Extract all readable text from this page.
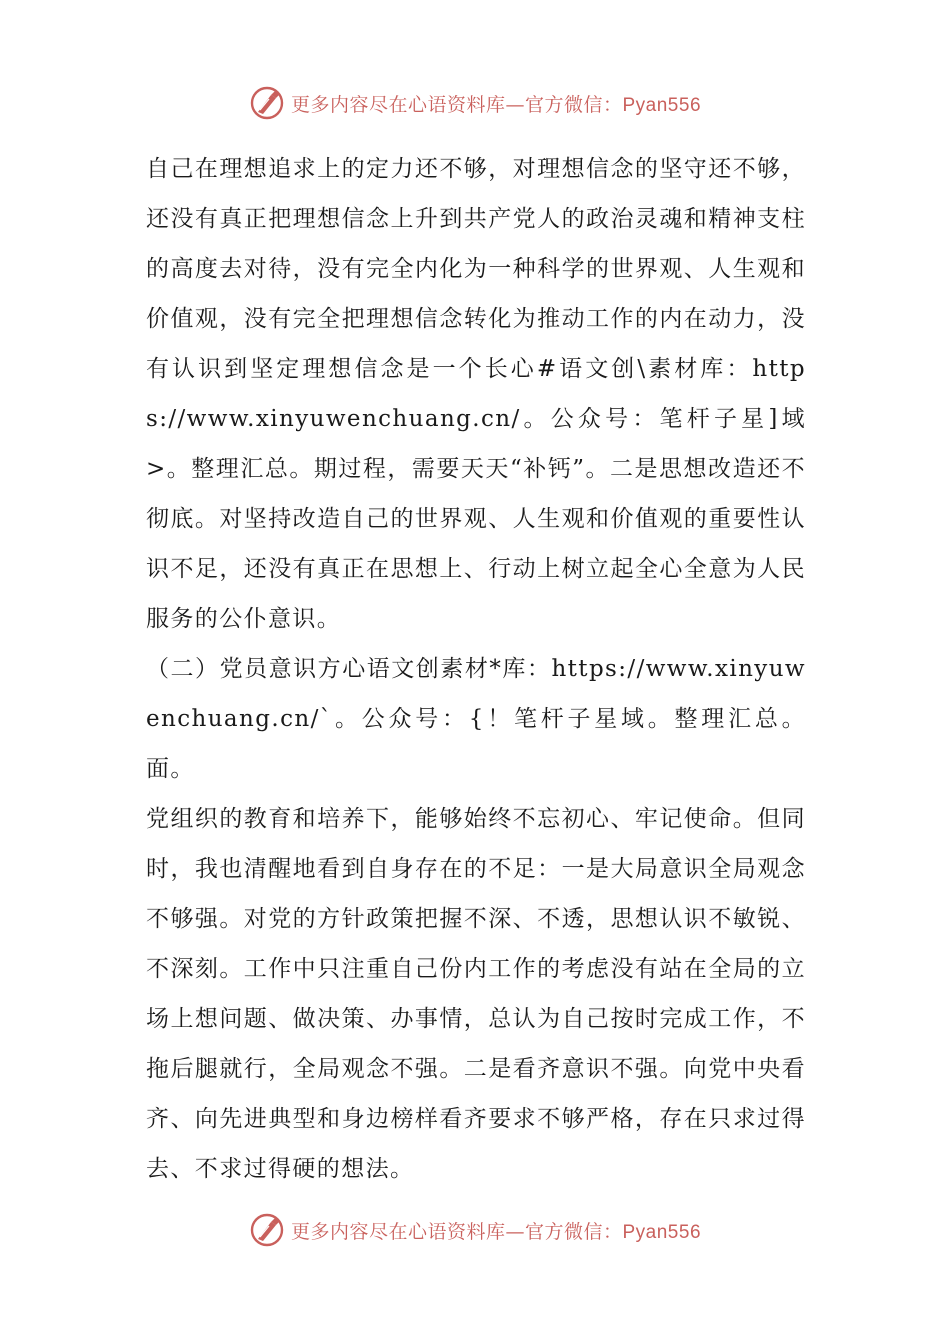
更多内容尽在心语资料库—官方微信：Pyan556

自己在理想追求上的定力还不够，对理想信念的坚守还不够，还没有真正把理想信念上升到共产党人的政治灵魂和精神支柱的高度去对待，没有完全内化为一种科学的世界观、人生观和价值观，没有完全把理想信念转化为推动工作的内在动力，没有认识到坚定理想信念是一个长心#语文创\素材库：https://www.xinyuwenchuang.cn/。公众号：笔杆子星]域>。整理汇总。期过程，需要天天“补钙”。二是思想改造还不彻底。对坚持改造自己的世界观、人生观和价值观的重要性认识不足，还没有真正在思想上、行动上树立起全心全意为人民服务的公仆意识。

（二）党员意识方心语文创素材*库：https://www.xinyuwenchuang.cn/`。公众号：{！笔杆子星域。整理汇总。面。

党组织的教育和培养下，能够始终不忘初心、牢记使命。但同时，我也清醒地看到自身存在的不足：一是大局意识全局观念不够强。对党的方针政策把握不深、不透，思想认识不敏锐、不深刻。工作中只注重自己份内工作的考虑没有站在全局的立场上想问题、做决策、办事情，总认为自己按时完成工作，不拖后腿就行，全局观念不强。二是看齐意识不强。向党中央看齐、向先进典型和身边榜样看齐要求不够严格，存在只求过得去、不求过得硬的想法。

更多内容尽在心语资料库—官方微信：Pyan556
